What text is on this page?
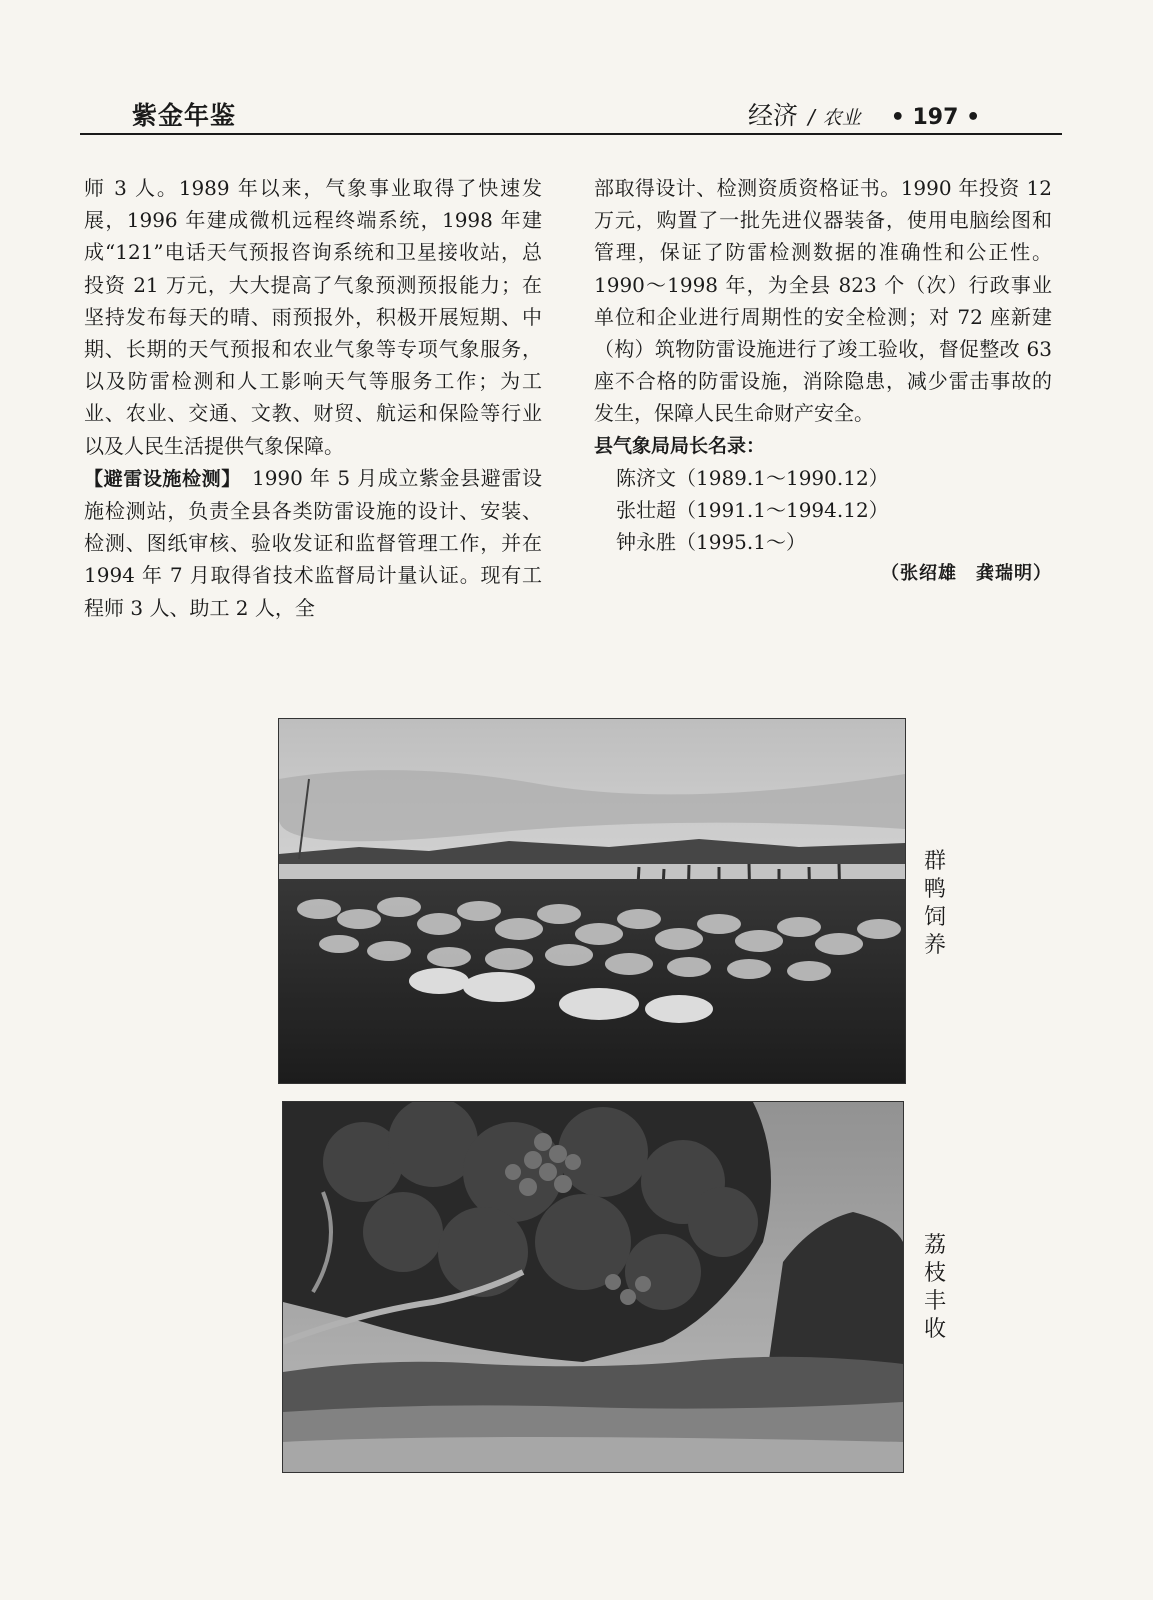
紫金年鉴	经济 / 农业 • 197 •

师 3 人。1989 年以来，气象事业取得了快速发展，1996 年建成微机远程终端系统，1998 年建成“121”电话天气预报咨询系统和卫星接收站，总投资 21 万元，大大提高了气象预测预报能力；在坚持发布每天的晴、雨预报外，积极开展短期、中期、长期的天气预报和农业气象等专项气象服务，以及防雷检测和人工影响天气等服务工作；为工业、农业、交通、文教、财贸、航运和保险等行业以及人民生活提供气象保障。

【避雷设施检测】　1990 年 5 月成立紫金县避雷设施检测站，负责全县各类防雷设施的设计、安装、检测、图纸审核、验收发证和监督管理工作，并在 1994 年 7 月取得省技术监督局计量认证。现有工程师 3 人、助工 2 人，全

部取得设计、检测资质资格证书。1990 年投资 12 万元，购置了一批先进仪器装备，使用电脑绘图和管理，保证了防雷检测数据的准确性和公正性。1990～1998 年，为全县 823 个（次）行政事业单位和企业进行周期性的安全检测；对 72 座新建（构）筑物防雷设施进行了竣工验收，督促整改 63 座不合格的防雷设施，消除隐患，减少雷击事故的发生，保障人民生命财产安全。

县气象局局长名录：

陈济文（1989.1～1990.12）

张壮超（1991.1～1994.12）

钟永胜（1995.1～）

（张绍雄　龚瑞明）

群鸭饲养
荔枝丰收
